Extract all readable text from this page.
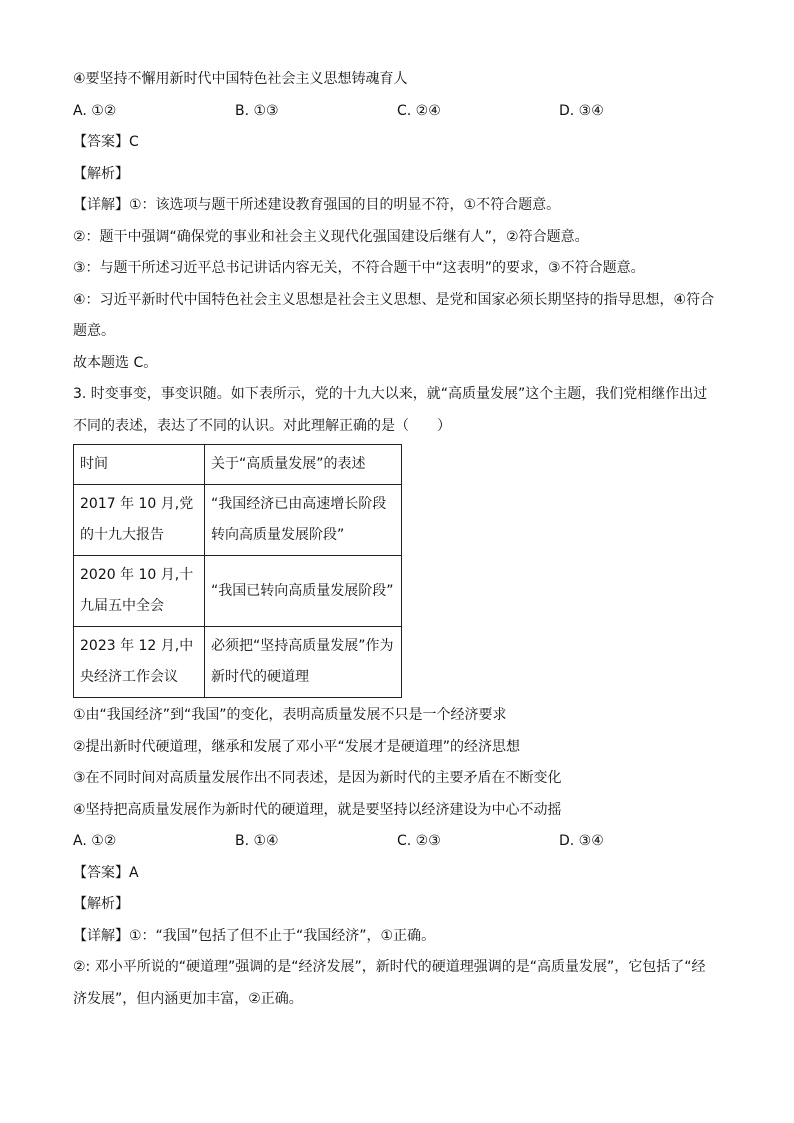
④要坚持不懈用新时代中国特色社会主义思想铸魂育人
A. ①②	B. ①③	C. ②④	D. ③④
【答案】C
【解析】
【详解】①：该选项与题干所述建设教育强国的目的明显不符，①不符合题意。
②：题干中强调“确保党的事业和社会主义现代化强国建设后继有人”，②符合题意。
③：与题干所述习近平总书记讲话内容无关，不符合题干中“这表明”的要求，③不符合题意。
④：习近平新时代中国特色社会主义思想是社会主义思想、是党和国家必须长期坚持的指导思想，④符合
题意。
故本题选 C。
3. 时变事变，事变识随。如下表所示，党的十九大以来，就“高质量发展”这个主题，我们党相继作出过
不同的表述，表达了不同的认识。对此理解正确的是（　　）
时间	关于“高质量发展”的表述
2017 年 10 月,党的十九大报告	“我国经济已由高速增长阶段转向高质量发展阶段”
2020 年 10 月,十九届五中全会	“我国已转向高质量发展阶段”
2023 年 12 月,中央经济工作会议	必须把“坚持高质量发展”作为新时代的硬道理
①由“我国经济”到“我国”的变化，表明高质量发展不只是一个经济要求
②提出新时代硬道理，继承和发展了邓小平“发展才是硬道理”的经济思想
③在不同时间对高质量发展作出不同表述，是因为新时代的主要矛盾在不断变化
④坚持把高质量发展作为新时代的硬道理，就是要坚持以经济建设为中心不动摇
A. ①②	B. ①④	C. ②③	D. ③④
【答案】A
【解析】
【详解】①：“我国”包括了但不止于“我国经济”，①正确。
②: 邓小平所说的“硬道理”强调的是“经济发展”，新时代的硬道理强调的是“高质量发展”，它包括了“经
济发展”，但内涵更加丰富，②正确。
